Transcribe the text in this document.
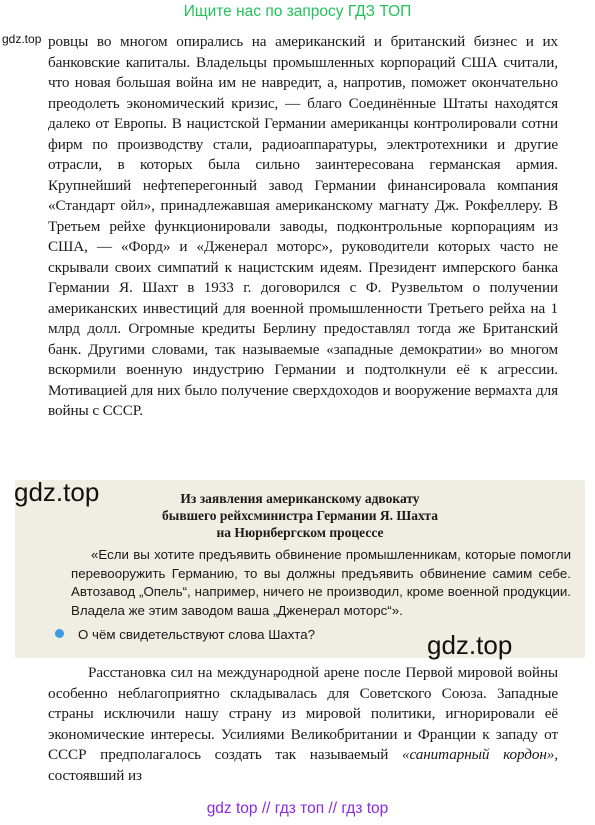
Ищите нас по запросу ГДЗ ТОП
gdz.top ровцы во многом опирались на американский и британский бизнес и их банковские капиталы. Владельцы промышленных корпораций США считали, что новая большая война им не навредит, а, напротив, поможет окончательно преодолеть экономический кризис, — благо Соединённые Штаты находятся далеко от Европы. В нацистской Германии американцы контролировали сотни фирм по производству стали, радиоаппаратуры, электротехники и другие отрасли, в которых была сильно заинтересована германская армия. Крупнейший нефтеперегонный завод Германии финансировала компания «Стандарт ойл», принадлежавшая американскому магнату Дж. Рокфеллеру. В Третьем рейхе функционировали заводы, подконтрольные корпорациям из США, — «Форд» и «Дженерал моторс», руководители которых часто не скрывали своих симпатий к нацистским идеям. Президент имперского банка Германии Я. Шахт в 1933 г. договорился с Ф. Рузвельтом о получении американских инвестиций для военной промышленности Третьего рейха на 1 млрд долл. Огромные кредиты Берлину предоставлял тогда же Британский банк. Другими словами, так называемые «западные демократии» во многом вскормили военную индустрию Германии и подтолкнули её к агрессии. Мотивацией для них было получение сверхдоходов и вооружение вермахта для войны с СССР.

Из заявления американскому адвокату
бывшего рейхсминистра Германии Я. Шахта
на Нюрнбергском процессе

«Если вы хотите предъявить обвинение промышленникам, которые помогли перевооружить Германию, то вы должны предъявить обвинение самим себе. Автозавод „Опель“, например, ничего не производил, кроме военной продукции. Владела же этим заводом ваша „Дженерал моторс“».

О чём свидетельствуют слова Шахта?
gdz.top
gdz.top

Расстановка сил на международной арене после Первой мировой войны особенно неблагоприятно складывалась для Советского Союза. Западные страны исключили нашу страну из мировой политики, игнорировали её экономические интересы. Усилиями Великобритании и Франции к западу от СССР предполагалось создать так называемый «санитарный кордон», состоявший из

gdz top // гдз топ // гдз top
